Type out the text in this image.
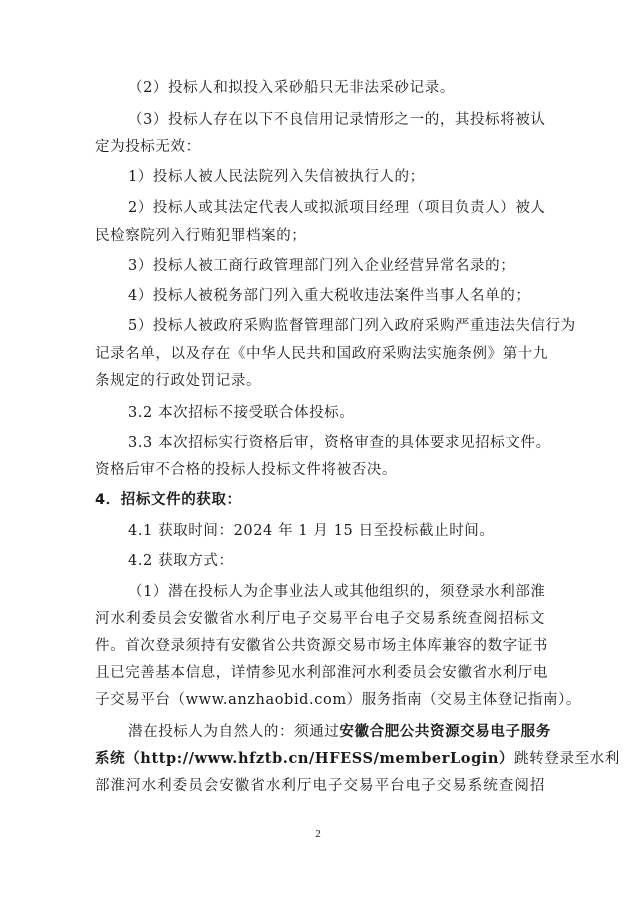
（2）投标人和拟投入采砂船只无非法采砂记录。
（3）投标人存在以下不良信用记录情形之一的，其投标将被认
定为投标无效：
1）投标人被人民法院列入失信被执行人的；
2）投标人或其法定代表人或拟派项目经理（项目负责人）被人
民检察院列入行贿犯罪档案的；
3）投标人被工商行政管理部门列入企业经营异常名录的；
4）投标人被税务部门列入重大税收违法案件当事人名单的；
5）投标人被政府采购监督管理部门列入政府采购严重违法失信行为
记录名单，以及存在《中华人民共和国政府采购法实施条例》第十九
条规定的行政处罚记录。
3.2 本次招标不接受联合体投标。
3.3 本次招标实行资格后审，资格审查的具体要求见招标文件。
资格后审不合格的投标人投标文件将被否决。
4．招标文件的获取：
4.1 获取时间：2024 年 1 月 15 日至投标截止时间。
4.2 获取方式：
（1）潜在投标人为企事业法人或其他组织的，须登录水利部淮
河水利委员会安徽省水利厅电子交易平台电子交易系统查阅招标文
件。首次登录须持有安徽省公共资源交易市场主体库兼容的数字证书
且已完善基本信息，详情参见水利部淮河水利委员会安徽省水利厅电
子交易平台（www.anzhaobid.com）服务指南（交易主体登记指南）。
潜在投标人为自然人的：须通过安徽合肥公共资源交易电子服务
系统（http://www.hfztb.cn/HFESS/memberLogin）跳转登录至水利
部淮河水利委员会安徽省水利厅电子交易平台电子交易系统查阅招
2
